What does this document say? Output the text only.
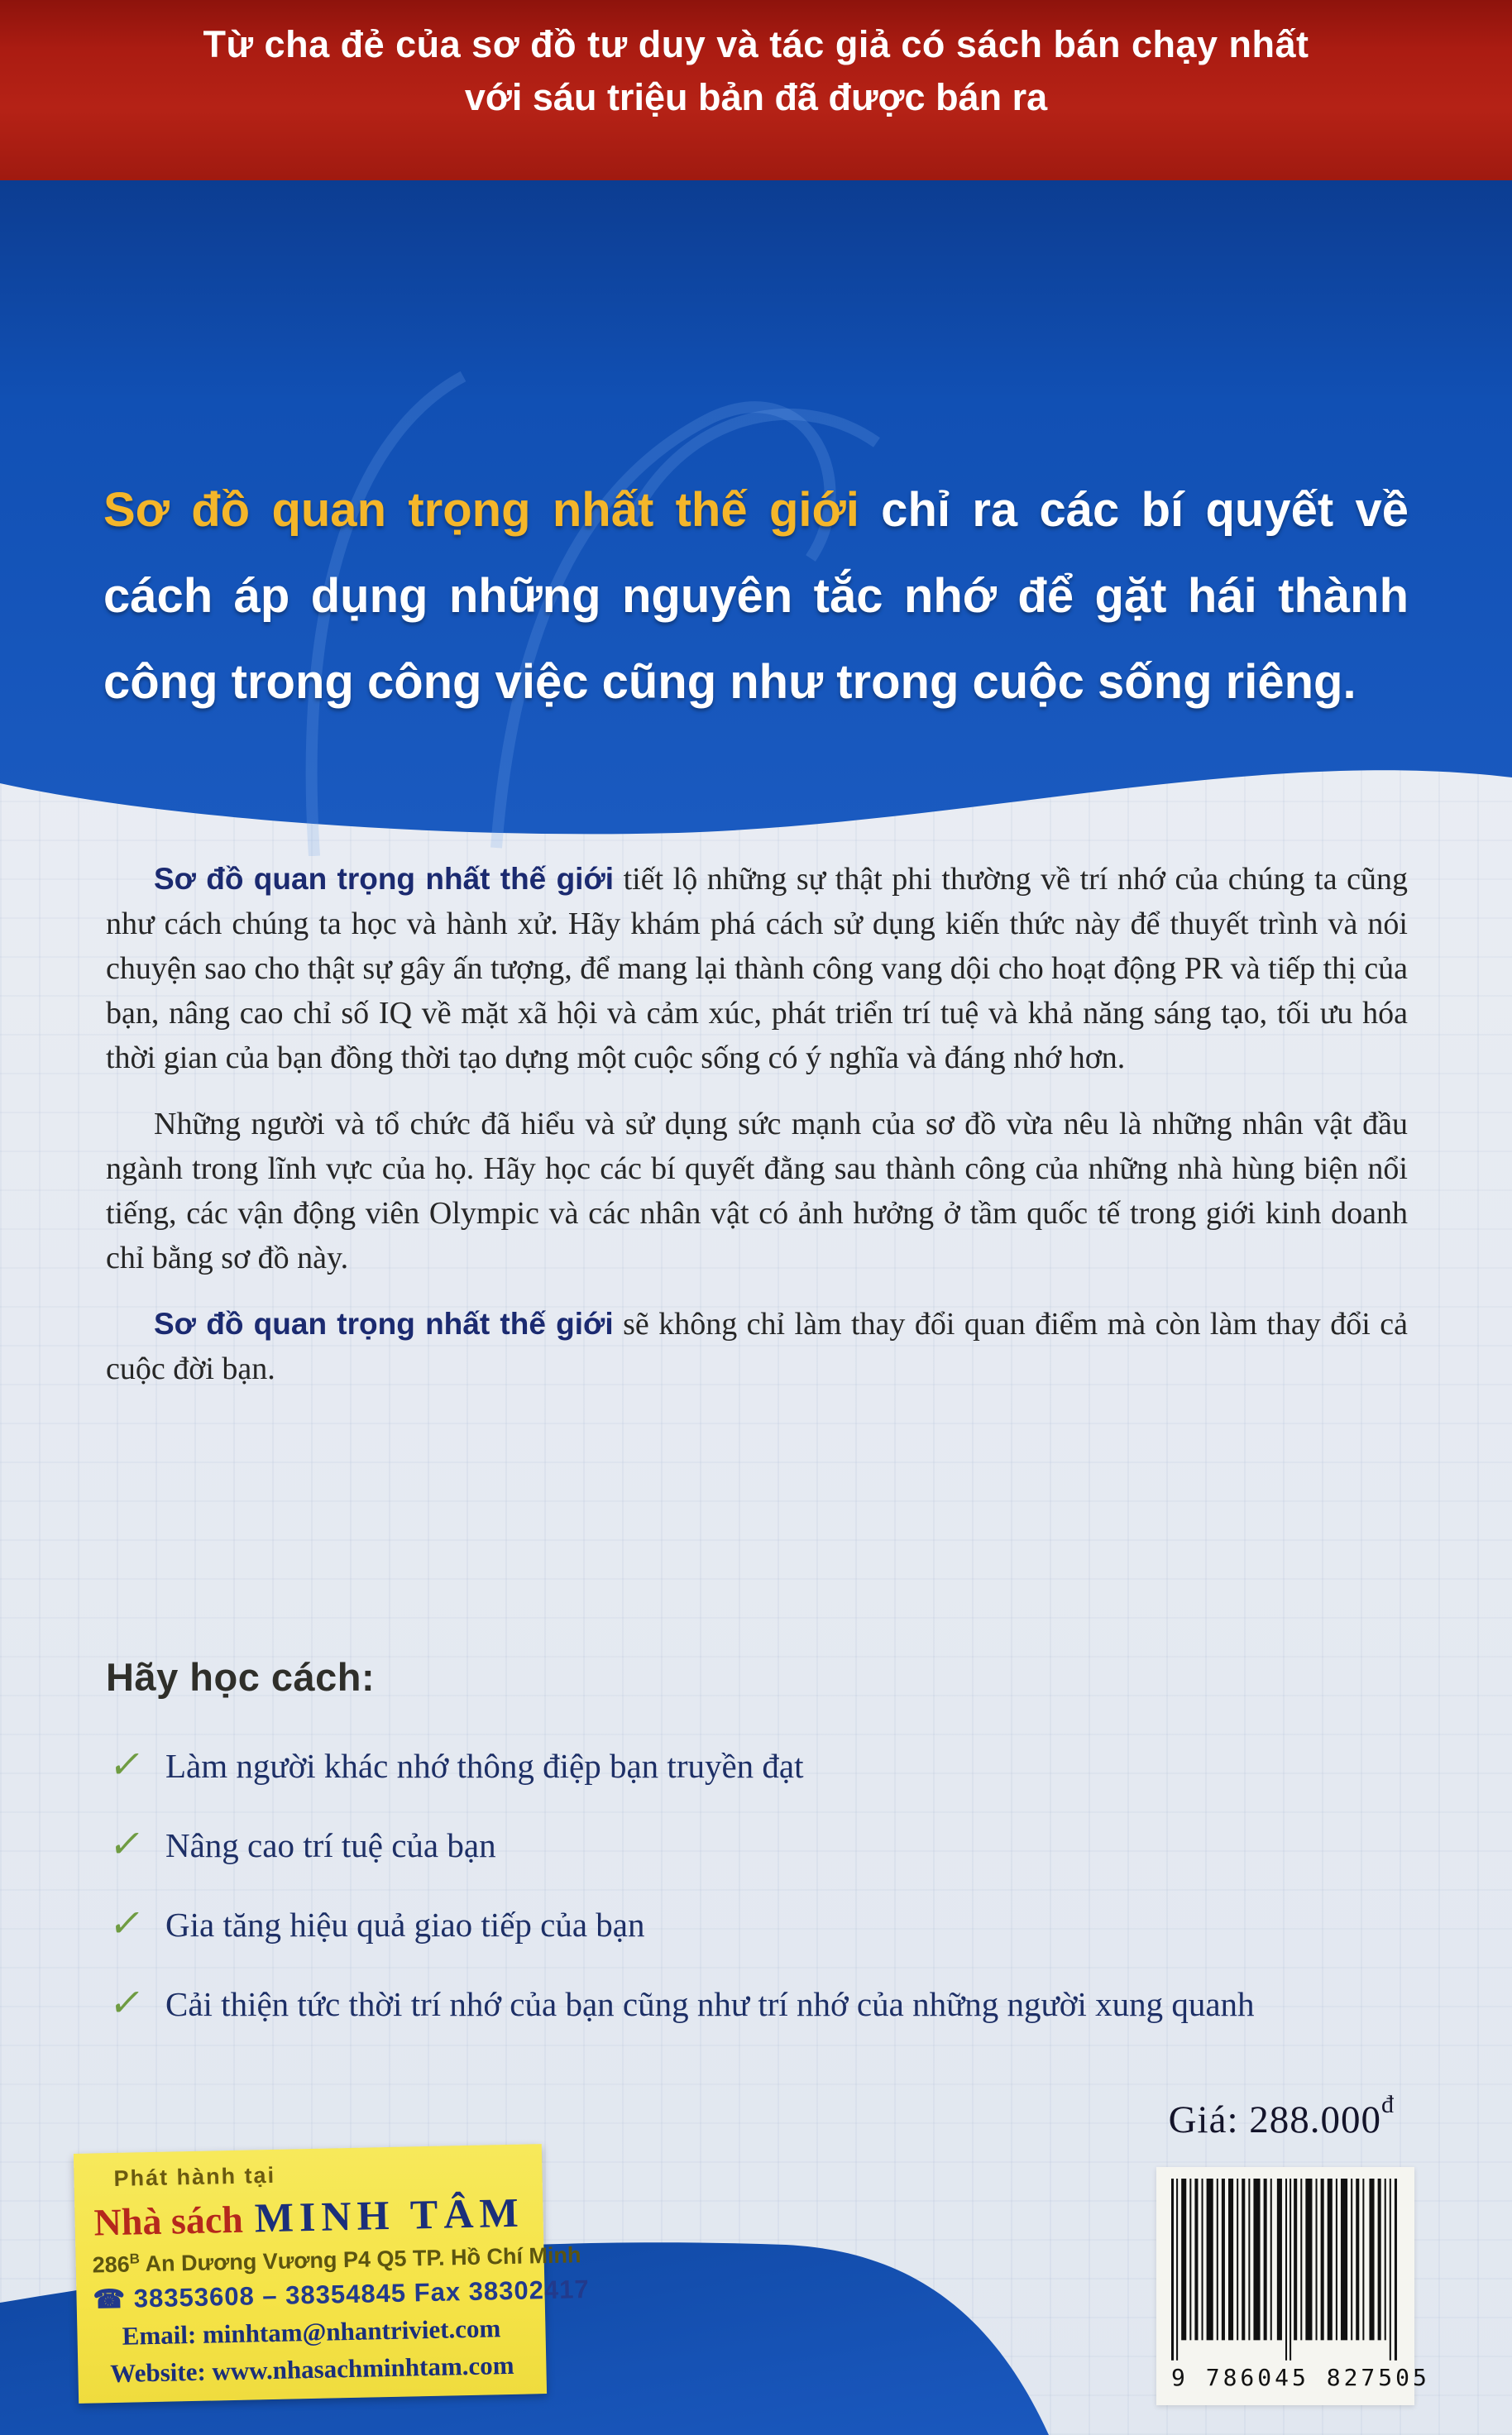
Từ cha đẻ của sơ đồ tư duy và tác giả có sách bán chạy nhất
với sáu triệu bản đã được bán ra
Sơ đồ quan trọng nhất thế giới chỉ ra các bí quyết về cách áp dụng những nguyên tắc nhớ để gặt hái thành công trong công việc cũng như trong cuộc sống riêng.

Sơ đồ quan trọng nhất thế giới tiết lộ những sự thật phi thường về trí nhớ của chúng ta cũng như cách chúng ta học và hành xử. Hãy khám phá cách sử dụng kiến thức này để thuyết trình và nói chuyện sao cho thật sự gây ấn tượng, để mang lại thành công vang dội cho hoạt động PR và tiếp thị của bạn, nâng cao chỉ số IQ về mặt xã hội và cảm xúc, phát triển trí tuệ và khả năng sáng tạo, tối ưu hóa thời gian của bạn đồng thời tạo dựng một cuộc sống có ý nghĩa và đáng nhớ hơn.

Những người và tổ chức đã hiểu và sử dụng sức mạnh của sơ đồ vừa nêu là những nhân vật đầu ngành trong lĩnh vực của họ. Hãy học các bí quyết đằng sau thành công của những nhà hùng biện nổi tiếng, các vận động viên Olympic và các nhân vật có ảnh hưởng ở tầm quốc tế trong giới kinh doanh chỉ bằng sơ đồ này.

Sơ đồ quan trọng nhất thế giới sẽ không chỉ làm thay đổi quan điểm mà còn làm thay đổi cả cuộc đời bạn.

Hãy học cách:
✓ Làm người khác nhớ thông điệp bạn truyền đạt
✓ Nâng cao trí tuệ của bạn
✓ Gia tăng hiệu quả giao tiếp của bạn
✓ Cải thiện tức thời trí nhớ của bạn cũng như trí nhớ của những người xung quanh
Giá: $288.000^đ$
Phát hành tại
Nhà sách MINH TÂM
$286^B$ An Dương Vương P4 Q5 TP. Hồ Chí Minh
☎ 38353608 – 38354845 Fax 38302417
Email: minhtam@nhantriviet.com
Website: www.nhasachminhtam.com	9 786045 827505
